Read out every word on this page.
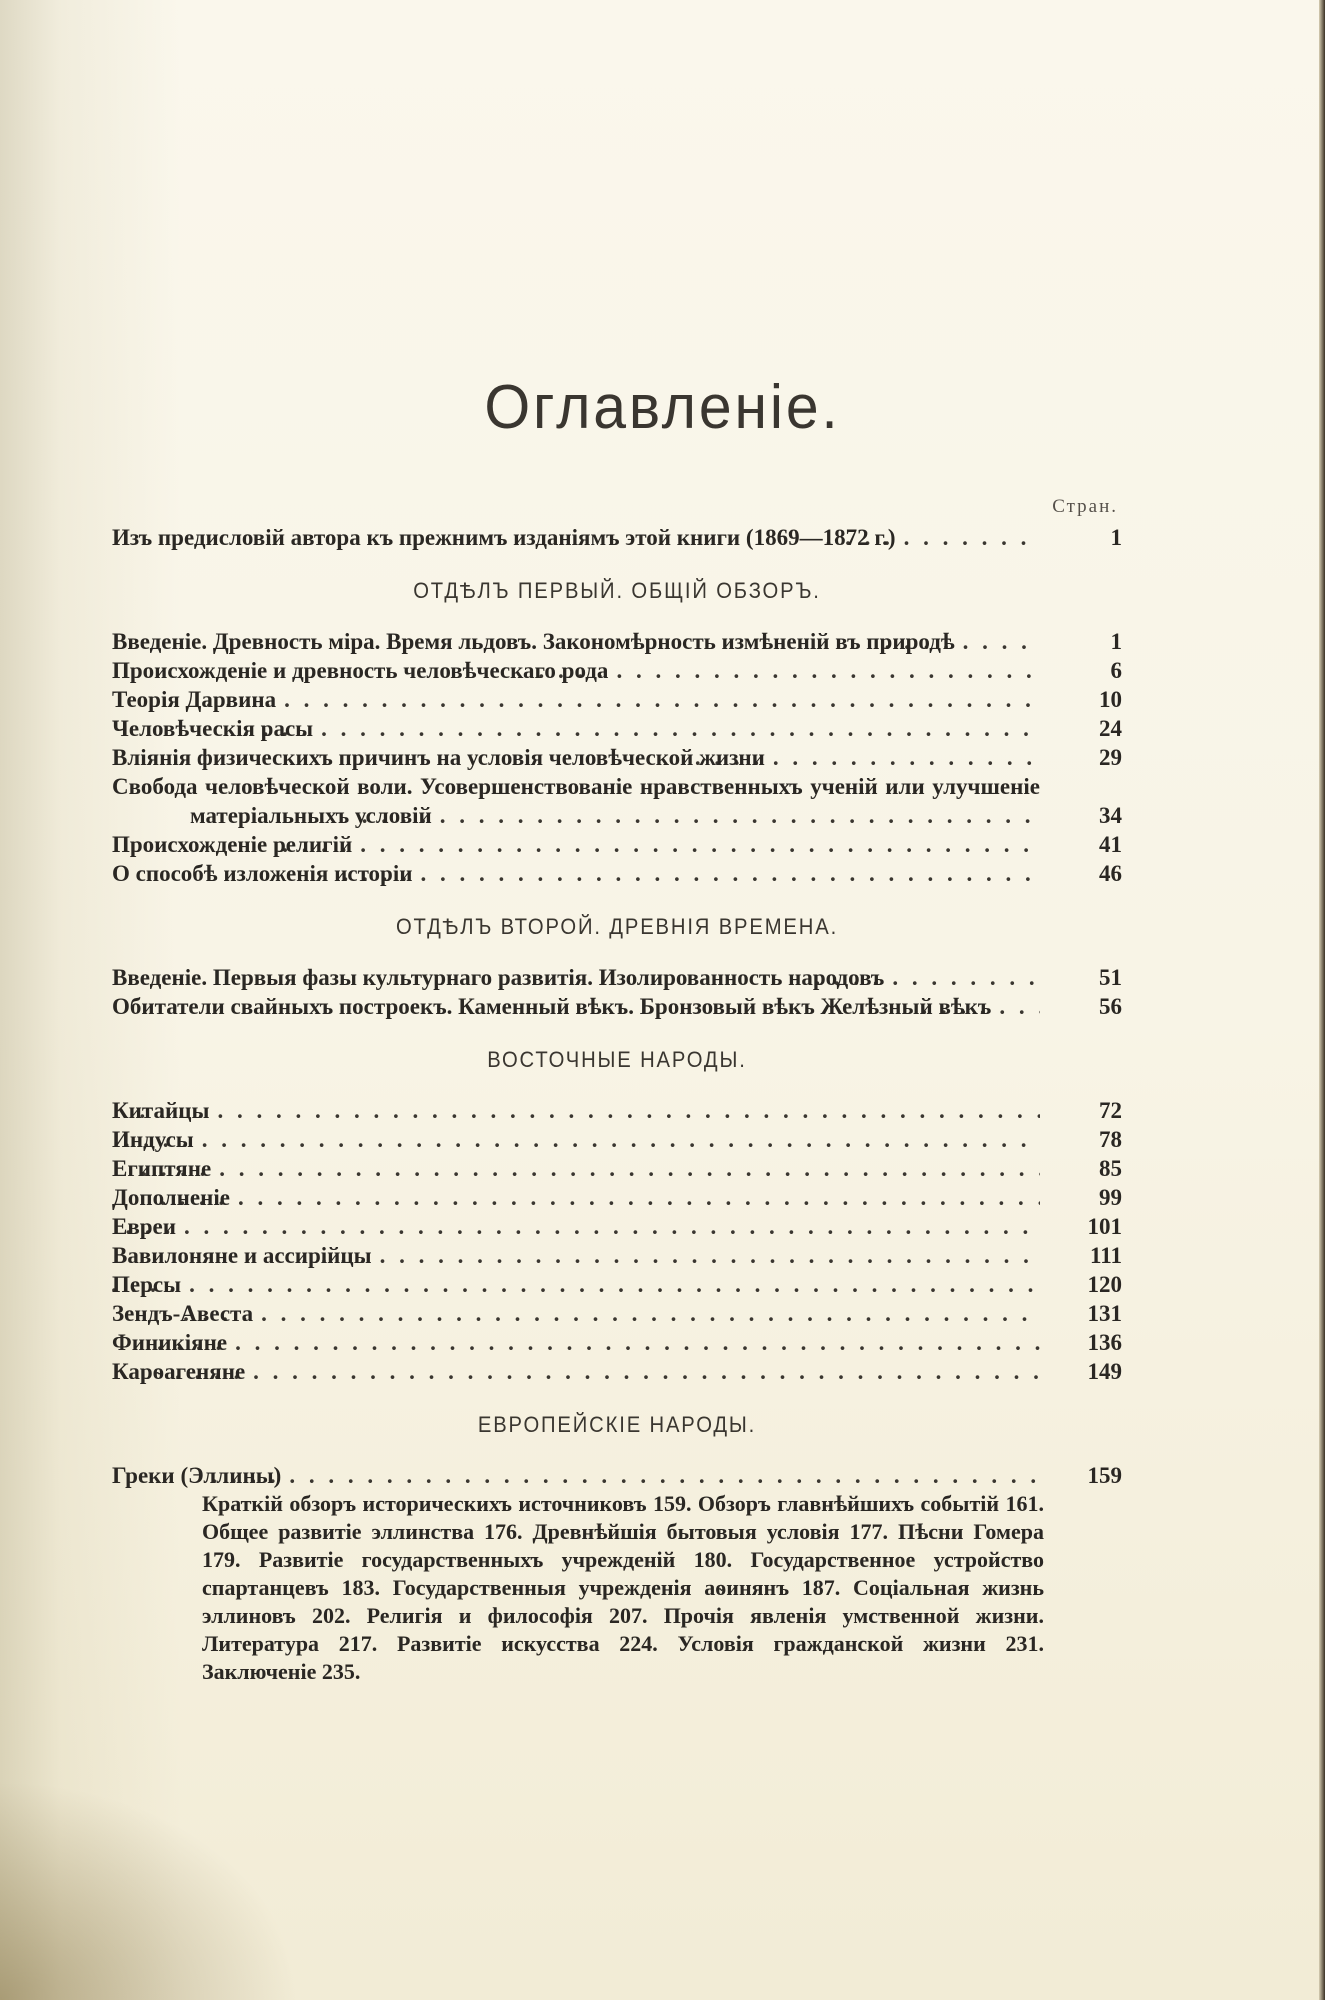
Оглавленіе.
Стран.
Изъ предисловій автора къ прежнимъ изданіямъ этой книги (1869—1872 г.) . . .	1
ОТДѢЛЪ ПЕРВЫЙ. ОБЩІЙ ОБЗОРЪ.
Введеніе. Древность міра. Время льдовъ. Закономѣрность измѣненій въ природѣ . . .	1
Происхожденіе и древность человѣческаго рода . . .	6
Теорія Дарвина . . .	10
Человѣческія расы . . .	24
Вліянія физическихъ причинъ на условія человѣческой жизни . . .	29
Свобода человѣческой воли. Усовершенствованіе нравственныхъ ученій или улучшеніе матеріальныхъ условій . . .	34
Происхожденіе религій . . .	41
О способѣ изложенія исторіи . . .	46
ОТДѢЛЪ ВТОРОЙ. ДРЕВНІЯ ВРЕМЕНА.
Введеніе. Первыя фазы культурнаго развитія. Изолированность народовъ . . .	51
Обитатели свайныхъ построекъ. Каменный вѣкъ. Бронзовый вѣкъ Желѣзный вѣкъ . . .	56
ВОСТОЧНЫЕ НАРОДЫ.
Китайцы . . .	72
Индусы . . .	78
Египтяне . . .	85
Дополненіе . . .	99
Евреи . . .	101
Вавилоняне и ассирійцы . . .	111
Персы . . .	120
Зендъ-Авеста . . .	131
Финикіяне . . .	136
Карѳагеняне . . .	149
ЕВРОПЕЙСКІЕ НАРОДЫ.
Греки (Эллины) . . .	159
Краткій обзоръ историческихъ источниковъ 159. Обзоръ главнѣйшихъ событій 161. Общее развитіе эллинства 176. Древнѣйшія бытовыя условія 177. Пѣсни Гомера 179. Развитіе государственныхъ учрежденій 180. Государственное устройство спартанцевъ 183. Государственныя учрежденія аѳинянъ 187. Соціальная жизнь эллиновъ 202. Религія и философія 207. Прочія явленія умственной жизни. Литература 217. Развитіе искусства 224. Условія гражданской жизни 231. Заключеніе 235.
